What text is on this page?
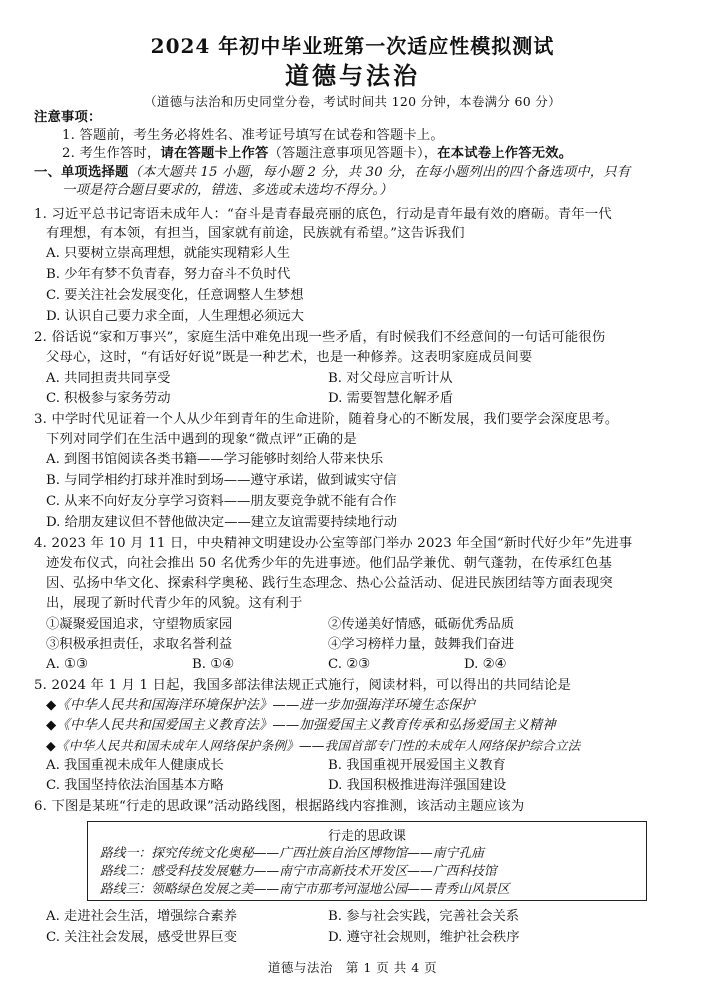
2024 年初中毕业班第一次适应性模拟测试
道德与法治
（道德与法治和历史同堂分卷，考试时间共 120 分钟，本卷满分 60 分）
注意事项：
1. 答题前，考生务必将姓名、准考证号填写在试卷和答题卡上。
2. 考生作答时，请在答题卡上作答（答题注意事项见答题卡），在本试卷上作答无效。
一、单项选择题（本大题共 15 小题，每小题 2 分，共 30 分，在每小题列出的四个备选项中，只有
一项是符合题目要求的，错选、多选或未选均不得分。）
1. 习近平总书记寄语未成年人：“奋斗是青春最亮丽的底色，行动是青年最有效的磨砺。青年一代
有理想，有本领，有担当，国家就有前途，民族就有希望。”这告诉我们
A. 只要树立崇高理想，就能实现精彩人生
B. 少年有梦不负青春，努力奋斗不负时代
C. 要关注社会发展变化，任意调整人生梦想
D. 认识自己要力求全面，人生理想必须远大
2. 俗话说“家和万事兴”，家庭生活中难免出现一些矛盾，有时候我们不经意间的一句话可能很伤
父母心，这时，“有话好好说”既是一种艺术，也是一种修养。这表明家庭成员间要
A. 共同担责共同享受	B. 对父母应言听计从
C. 积极参与家务劳动	D. 需要智慧化解矛盾
3. 中学时代见证着一个人从少年到青年的生命进阶，随着身心的不断发展，我们要学会深度思考。
下列对同学们在生活中遇到的现象“微点评”正确的是
A. 到图书馆阅读各类书籍——学习能够时刻给人带来快乐
B. 与同学相约打球并准时到场——遵守承诺，做到诚实守信
C. 从来不向好友分享学习资料——朋友要竞争就不能有合作
D. 给朋友建议但不替他做决定——建立友谊需要持续地行动
4. 2023 年 10 月 11 日，中央精神文明建设办公室等部门举办 2023 年全国“新时代好少年”先进事
迹发布仪式，向社会推出 50 名优秀少年的先进事迹。他们品学兼优、朝气蓬勃，在传承红色基
因、弘扬中华文化、探索科学奥秘、践行生态理念、热心公益活动、促进民族团结等方面表现突
出，展现了新时代青少年的风貌。这有利于
①凝聚爱国追求，守望物质家园	②传递美好情感，砥砺优秀品质
③积极承担责任，求取名誉利益	④学习榜样力量，鼓舞我们奋进
A. ①③	B. ①④	C. ②③	D. ②④
5. 2024 年 1 月 1 日起，我国多部法律法规正式施行，阅读材料，可以得出的共同结论是
◆《中华人民共和国海洋环境保护法》——进一步加强海洋环境生态保护
◆《中华人民共和国爱国主义教育法》——加强爱国主义教育传承和弘扬爱国主义精神
◆《中华人民共和国未成年人网络保护条例》——我国首部专门性的未成年人网络保护综合立法
A. 我国重视未成年人健康成长	B. 我国重视开展爱国主义教育
C. 我国坚持依法治国基本方略	D. 我国积极推进海洋强国建设
6. 下图是某班“行走的思政课”活动路线图，根据路线内容推测，该活动主题应该为
行走的思政课
路线一：探究传统文化奥秘——广西壮族自治区博物馆——南宁孔庙
路线二：感受科技发展魅力——南宁市高新技术开发区——广西科技馆
路线三：领略绿色发展之美——南宁市那考河湿地公园——青秀山风景区
A. 走进社会生活，增强综合素养	B. 参与社会实践，完善社会关系
C. 关注社会发展，感受世界巨变	D. 遵守社会规则，维护社会秩序
道德与法治　第 1 页 共 4 页
